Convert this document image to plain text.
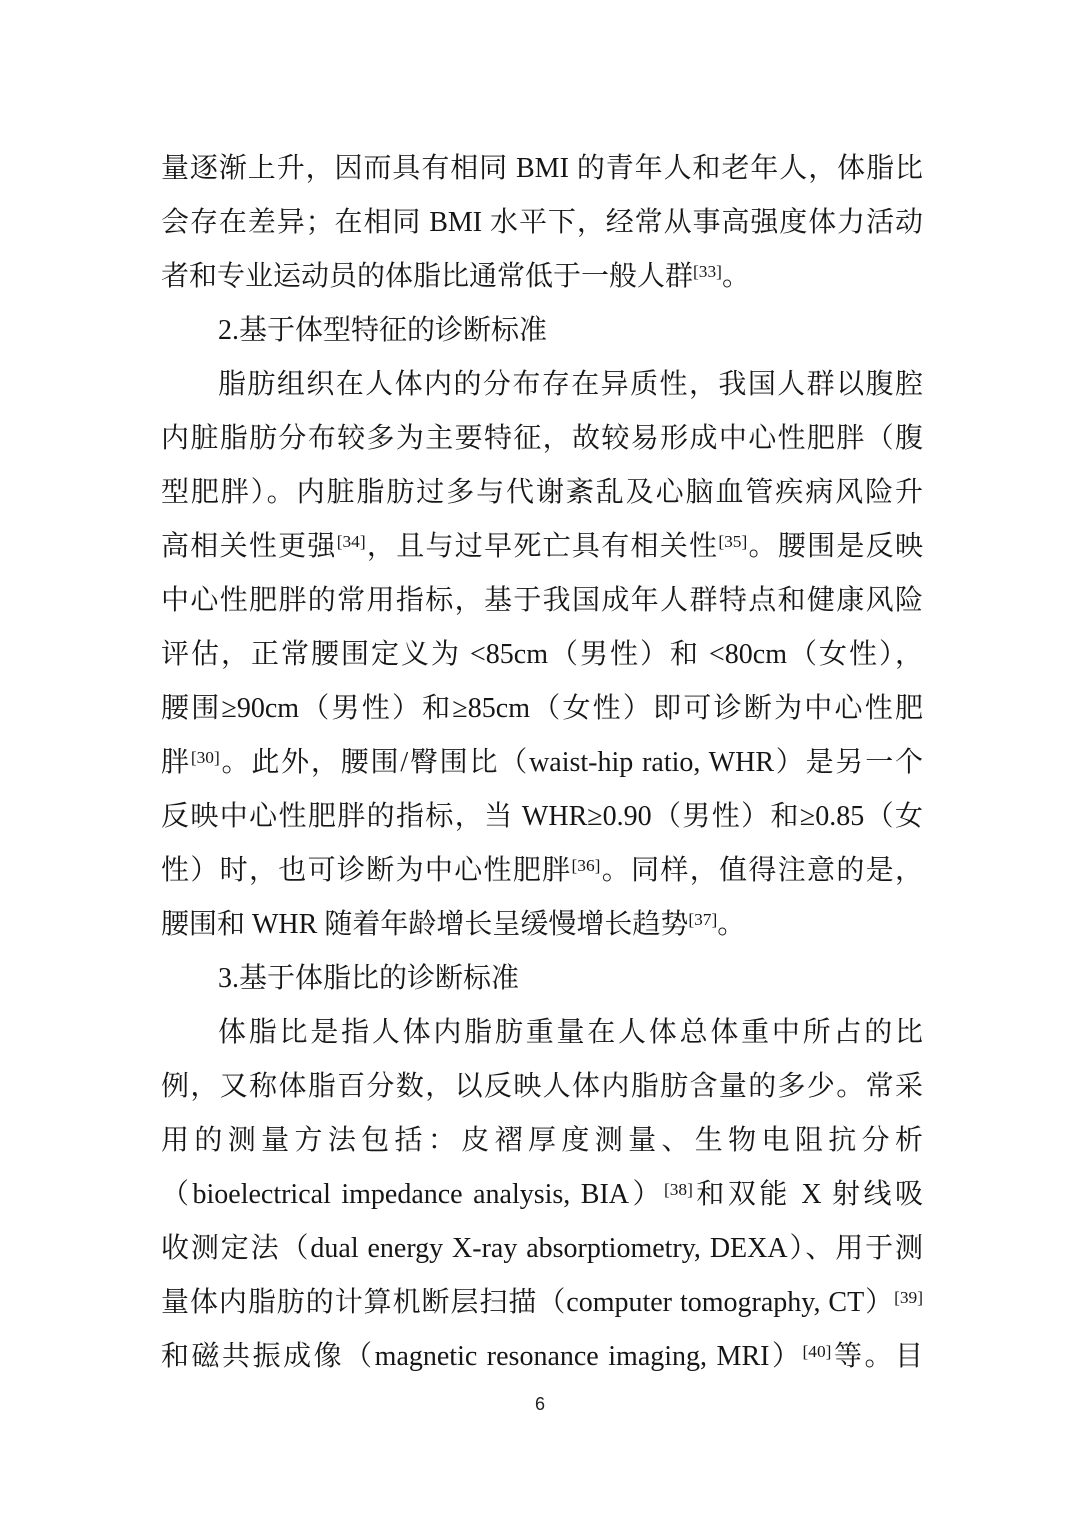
量逐渐上升，因而具有相同 BMI 的青年人和老年人，体脂比

会存在差异；在相同 BMI 水平下，经常从事高强度体力活动

者和专业运动员的体脂比通常低于一般人群[33]。

2.基于体型特征的诊断标准

脂肪组织在人体内的分布存在异质性，我国人群以腹腔

内脏脂肪分布较多为主要特征，故较易形成中心性肥胖（腹

型肥胖）。内脏脂肪过多与代谢紊乱及心脑血管疾病风险升

高相关性更强[34]，且与过早死亡具有相关性[35]。腰围是反映

中心性肥胖的常用指标，基于我国成年人群特点和健康风险

评估，正常腰围定义为 <85cm（男性）和 <80cm（女性），

腰围≥90cm（男性）和≥85cm（女性）即可诊断为中心性肥

胖[30]。此外，腰围/臀围比（waist-hip ratio, WHR）是另一个

反映中心性肥胖的指标，当 WHR≥0.90（男性）和≥0.85（女

性）时，也可诊断为中心性肥胖[36]。同样，值得注意的是，

腰围和 WHR 随着年龄增长呈缓慢增长趋势[37]。

3.基于体脂比的诊断标准

体脂比是指人体内脂肪重量在人体总体重中所占的比

例，又称体脂百分数，以反映人体内脂肪含量的多少。常采

用的测量方法包括：皮褶厚度测量、生物电阻抗分析

（bioelectrical impedance analysis, BIA）[38]和双能 X 射线吸

收测定法（dual energy X-ray absorptiometry, DEXA）、用于测

量体内脂肪的计算机断层扫描（computer tomography, CT）[39]

和磁共振成像（magnetic resonance imaging, MRI）[40]等。目

6
